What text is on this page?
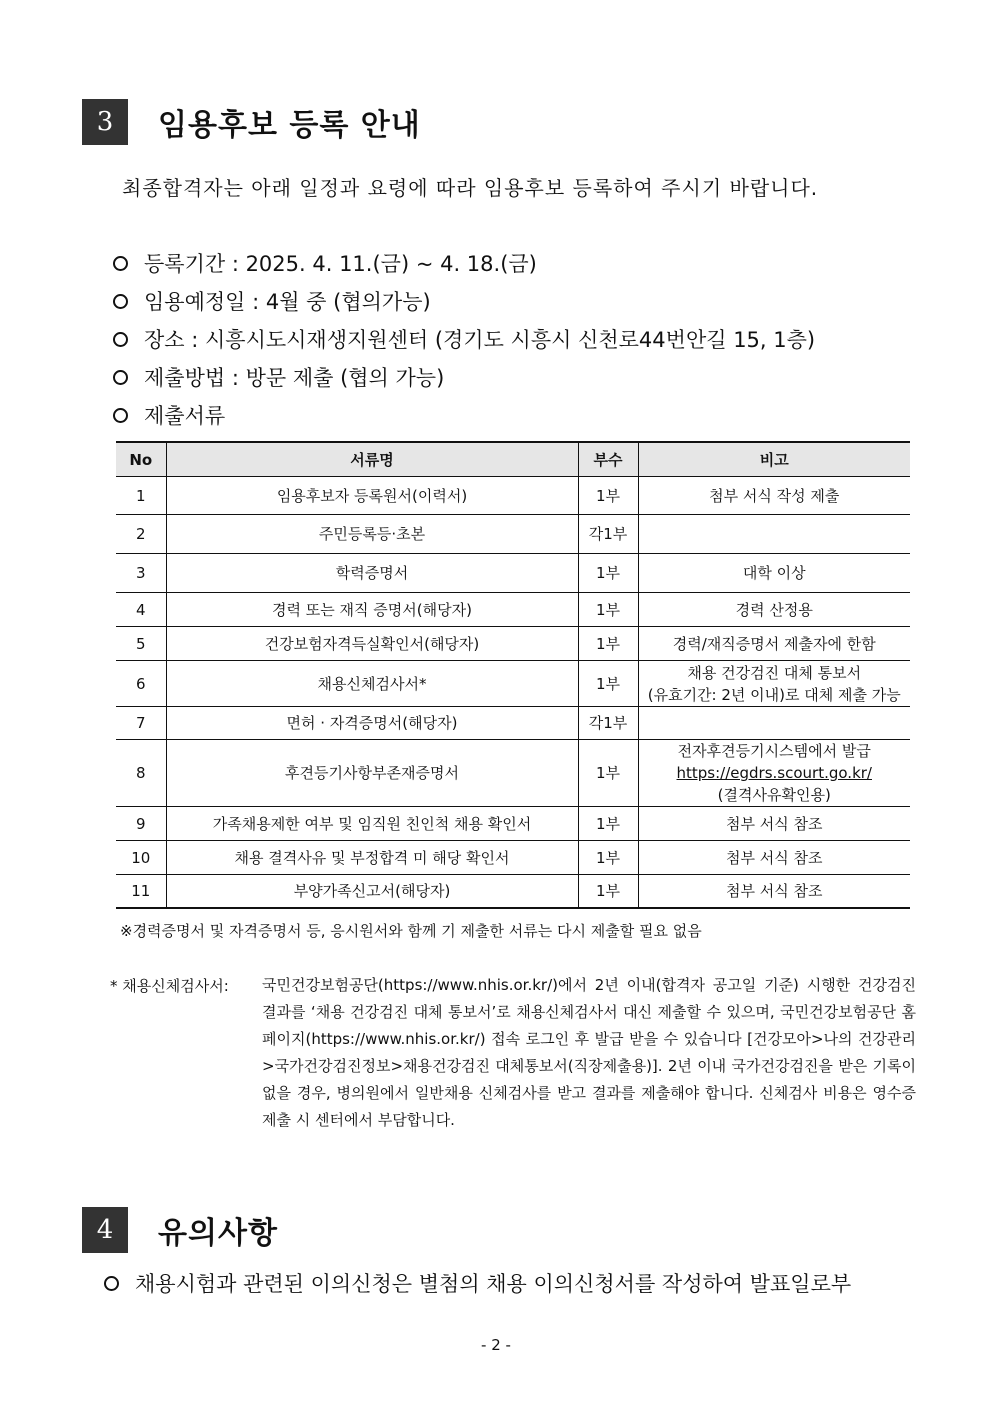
3	임용후보 등록 안내
최종합격자는 아래 일정과 요령에 따라 임용후보 등록하여 주시기 바랍니다.
등록기간 : 2025. 4. 11.(금) ~ 4. 18.(금)
임용예정일 : 4월 중 (협의가능)
장소 : 시흥시도시재생지원센터 (경기도 시흥시 신천로44번안길 15, 1층)
제출방법 : 방문 제출 (협의 가능)
제출서류
No	서류명	부수	비고
1	임용후보자 등록원서(이력서)	1부	첨부 서식 작성 제출
2	주민등록등·초본	각1부	
3	학력증명서	1부	대학 이상
4	경력 또는 재직 증명서(해당자)	1부	경력 산정용
5	건강보험자격득실확인서(해당자)	1부	경력/재직증명서 제출자에 한함
6	채용신체검사서*	1부	채용 건강검진 대체 통보서
(유효기간: 2년 이내)로 대체 제출 가능

7	면허 · 자격증명서(해당자)	각1부	
8	후견등기사항부존재증명서	1부	전자후견등기시스템에서 발급
https://egdrs.scourt.go.kr/
(결격사유확인용)

9	가족채용제한 여부 및 임직원 친인척 채용 확인서	1부	첨부 서식 참조
10	채용 결격사유 및 부정합격 미 해당 확인서	1부	첨부 서식 참조
11	부양가족신고서(해당자)	1부	첨부 서식 참조
※경력증명서 및 자격증명서 등, 응시원서와 함께 기 제출한 서류는 다시 제출할 필요 없음
* 채용신체검사서: 국민건강보험공단(https://www.nhis.or.kr/)에서 2년 이내(합격자 공고일 기준) 시행한 건강검진 결과를 ‘채용 건강검진 대체 통보서’로 채용신체검사서 대신 제출할 수 있으며, 국민건강보험공단 홈페이지(https://www.nhis.or.kr/) 접속 로그인 후 발급 받을 수 있습니다 [건강모아>나의 건강관리>국가건강검진정보>채용건강검진 대체통보서(직장제출용)]. 2년 이내 국가건강검진을 받은 기록이 없을 경우, 병의원에서 일반채용 신체검사를 받고 결과를 제출해야 합니다. 신체검사 비용은 영수증 제출 시 센터에서 부담합니다.
4	유의사항
채용시험과 관련된 이의신청은 별첨의 채용 이의신청서를 작성하여 발표일로부
- 2 -
